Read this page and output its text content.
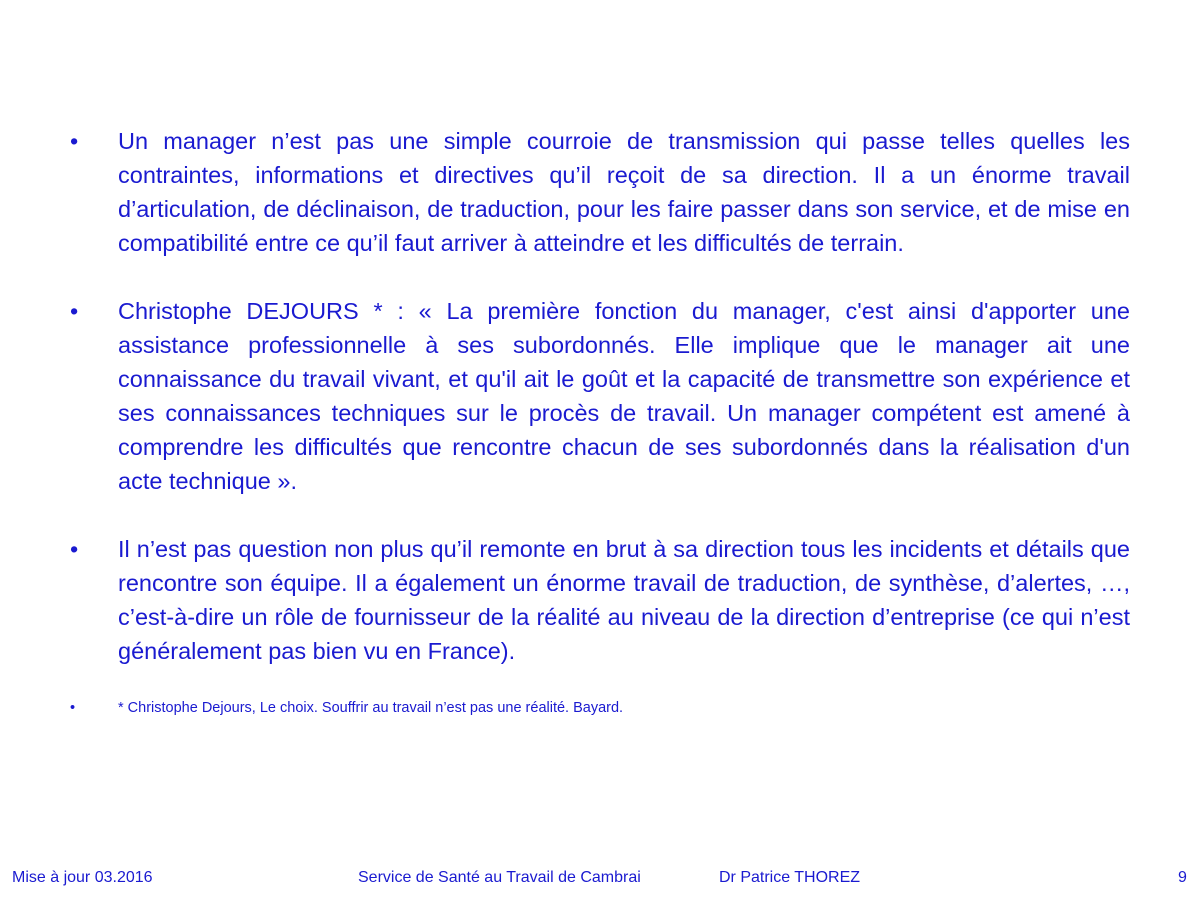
•	Un manager n’est pas une simple courroie de transmission qui passe telles quelles les contraintes, informations et directives qu’il reçoit de sa direction. Il a un énorme travail d’articulation, de déclinaison, de traduction, pour les faire passer dans son service, et de mise en compatibilité entre ce qu’il faut arriver à atteindre et les difficultés de terrain.
•	Christophe DEJOURS * : « La première fonction du manager, c'est ainsi d'apporter une assistance professionnelle à ses subordonnés. Elle implique que le manager ait une connaissance du travail vivant, et qu'il ait le goût et la capacité de transmettre son expérience et ses connaissances techniques sur le procès de travail. Un manager compétent est amené à comprendre les difficultés que rencontre chacun de ses subordonnés dans la réalisation d'un acte technique ».
•	Il n’est pas question non plus qu’il remonte en brut à sa direction tous les incidents et détails que rencontre son équipe. Il a également un énorme travail de traduction, de synthèse, d’alertes, …, c’est-à-dire un rôle de fournisseur de la réalité au niveau de la direction d’entreprise (ce qui n’est généralement pas bien vu en France).
•	* Christophe Dejours, Le choix. Souffrir au travail n’est pas une réalité. Bayard.
Mise à jour 03.2016	Service de Santé au Travail de Cambrai	Dr Patrice THOREZ	9
